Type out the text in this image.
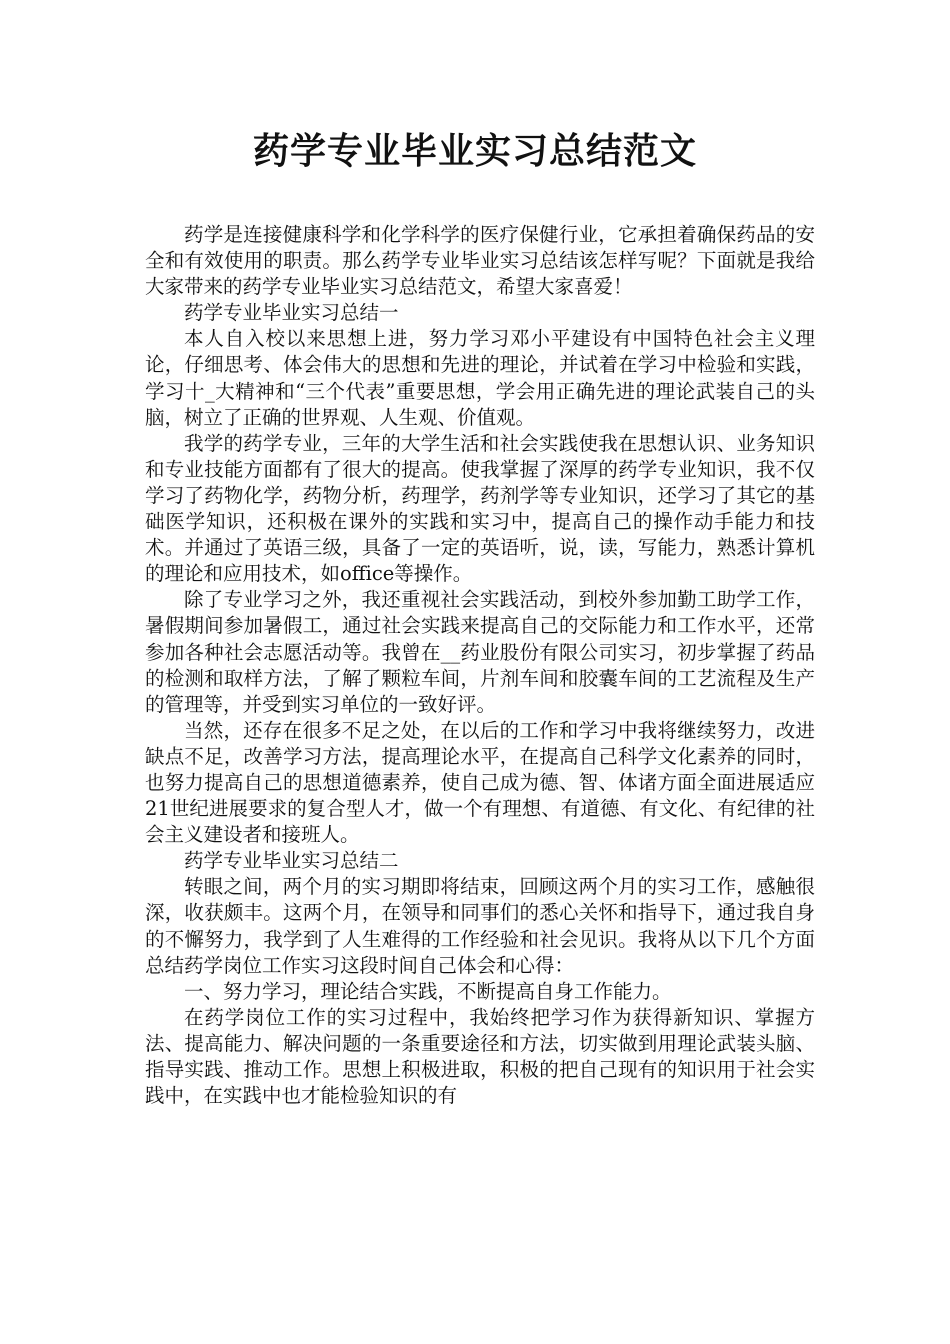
药学专业毕业实习总结范文

药学是连接健康科学和化学科学的医疗保健行业，它承担着确保药品的安全和有效使用的职责。那么药学专业毕业实习总结该怎样写呢？下面就是我给大家带来的药学专业毕业实习总结范文，希望大家喜爱！

药学专业毕业实习总结一

本人自入校以来思想上进，努力学习邓小平建设有中国特色社会主义理论，仔细思考、体会伟大的思想和先进的理论，并试着在学习中检验和实践，学习十_大精神和“三个代表”重要思想，学会用正确先进的理论武装自己的头脑，树立了正确的世界观、人生观、价值观。

我学的药学专业，三年的大学生活和社会实践使我在思想认识、业务知识和专业技能方面都有了很大的提高。使我掌握了深厚的药学专业知识，我不仅学习了药物化学，药物分析，药理学，药剂学等专业知识，还学习了其它的基础医学知识，还积极在课外的实践和实习中，提高自己的操作动手能力和技术。并通过了英语三级，具备了一定的英语听，说，读，写能力，熟悉计算机的理论和应用技术，如office等操作。

除了专业学习之外，我还重视社会实践活动，到校外参加勤工助学工作，暑假期间参加暑假工，通过社会实践来提高自己的交际能力和工作水平，还常参加各种社会志愿活动等。我曾在__药业股份有限公司实习，初步掌握了药品的检测和取样方法，了解了颗粒车间，片剂车间和胶囊车间的工艺流程及生产的管理等，并受到实习单位的一致好评。

当然，还存在很多不足之处，在以后的工作和学习中我将继续努力，改进缺点不足，改善学习方法，提高理论水平，在提高自己科学文化素养的同时，也努力提高自己的思想道德素养，使自己成为德、智、体诸方面全面进展适应21世纪进展要求的复合型人才，做一个有理想、有道德、有文化、有纪律的社会主义建设者和接班人。

药学专业毕业实习总结二

转眼之间，两个月的实习期即将结束，回顾这两个月的实习工作，感触很深，收获颇丰。这两个月，在领导和同事们的悉心关怀和指导下，通过我自身的不懈努力，我学到了人生难得的工作经验和社会见识。我将从以下几个方面总结药学岗位工作实习这段时间自己体会和心得：

一、努力学习，理论结合实践，不断提高自身工作能力。

在药学岗位工作的实习过程中，我始终把学习作为获得新知识、掌握方法、提高能力、解决问题的一条重要途径和方法，切实做到用理论武装头脑、指导实践、推动工作。思想上积极进取，积极的把自己现有的知识用于社会实践中，在实践中也才能检验知识的有
